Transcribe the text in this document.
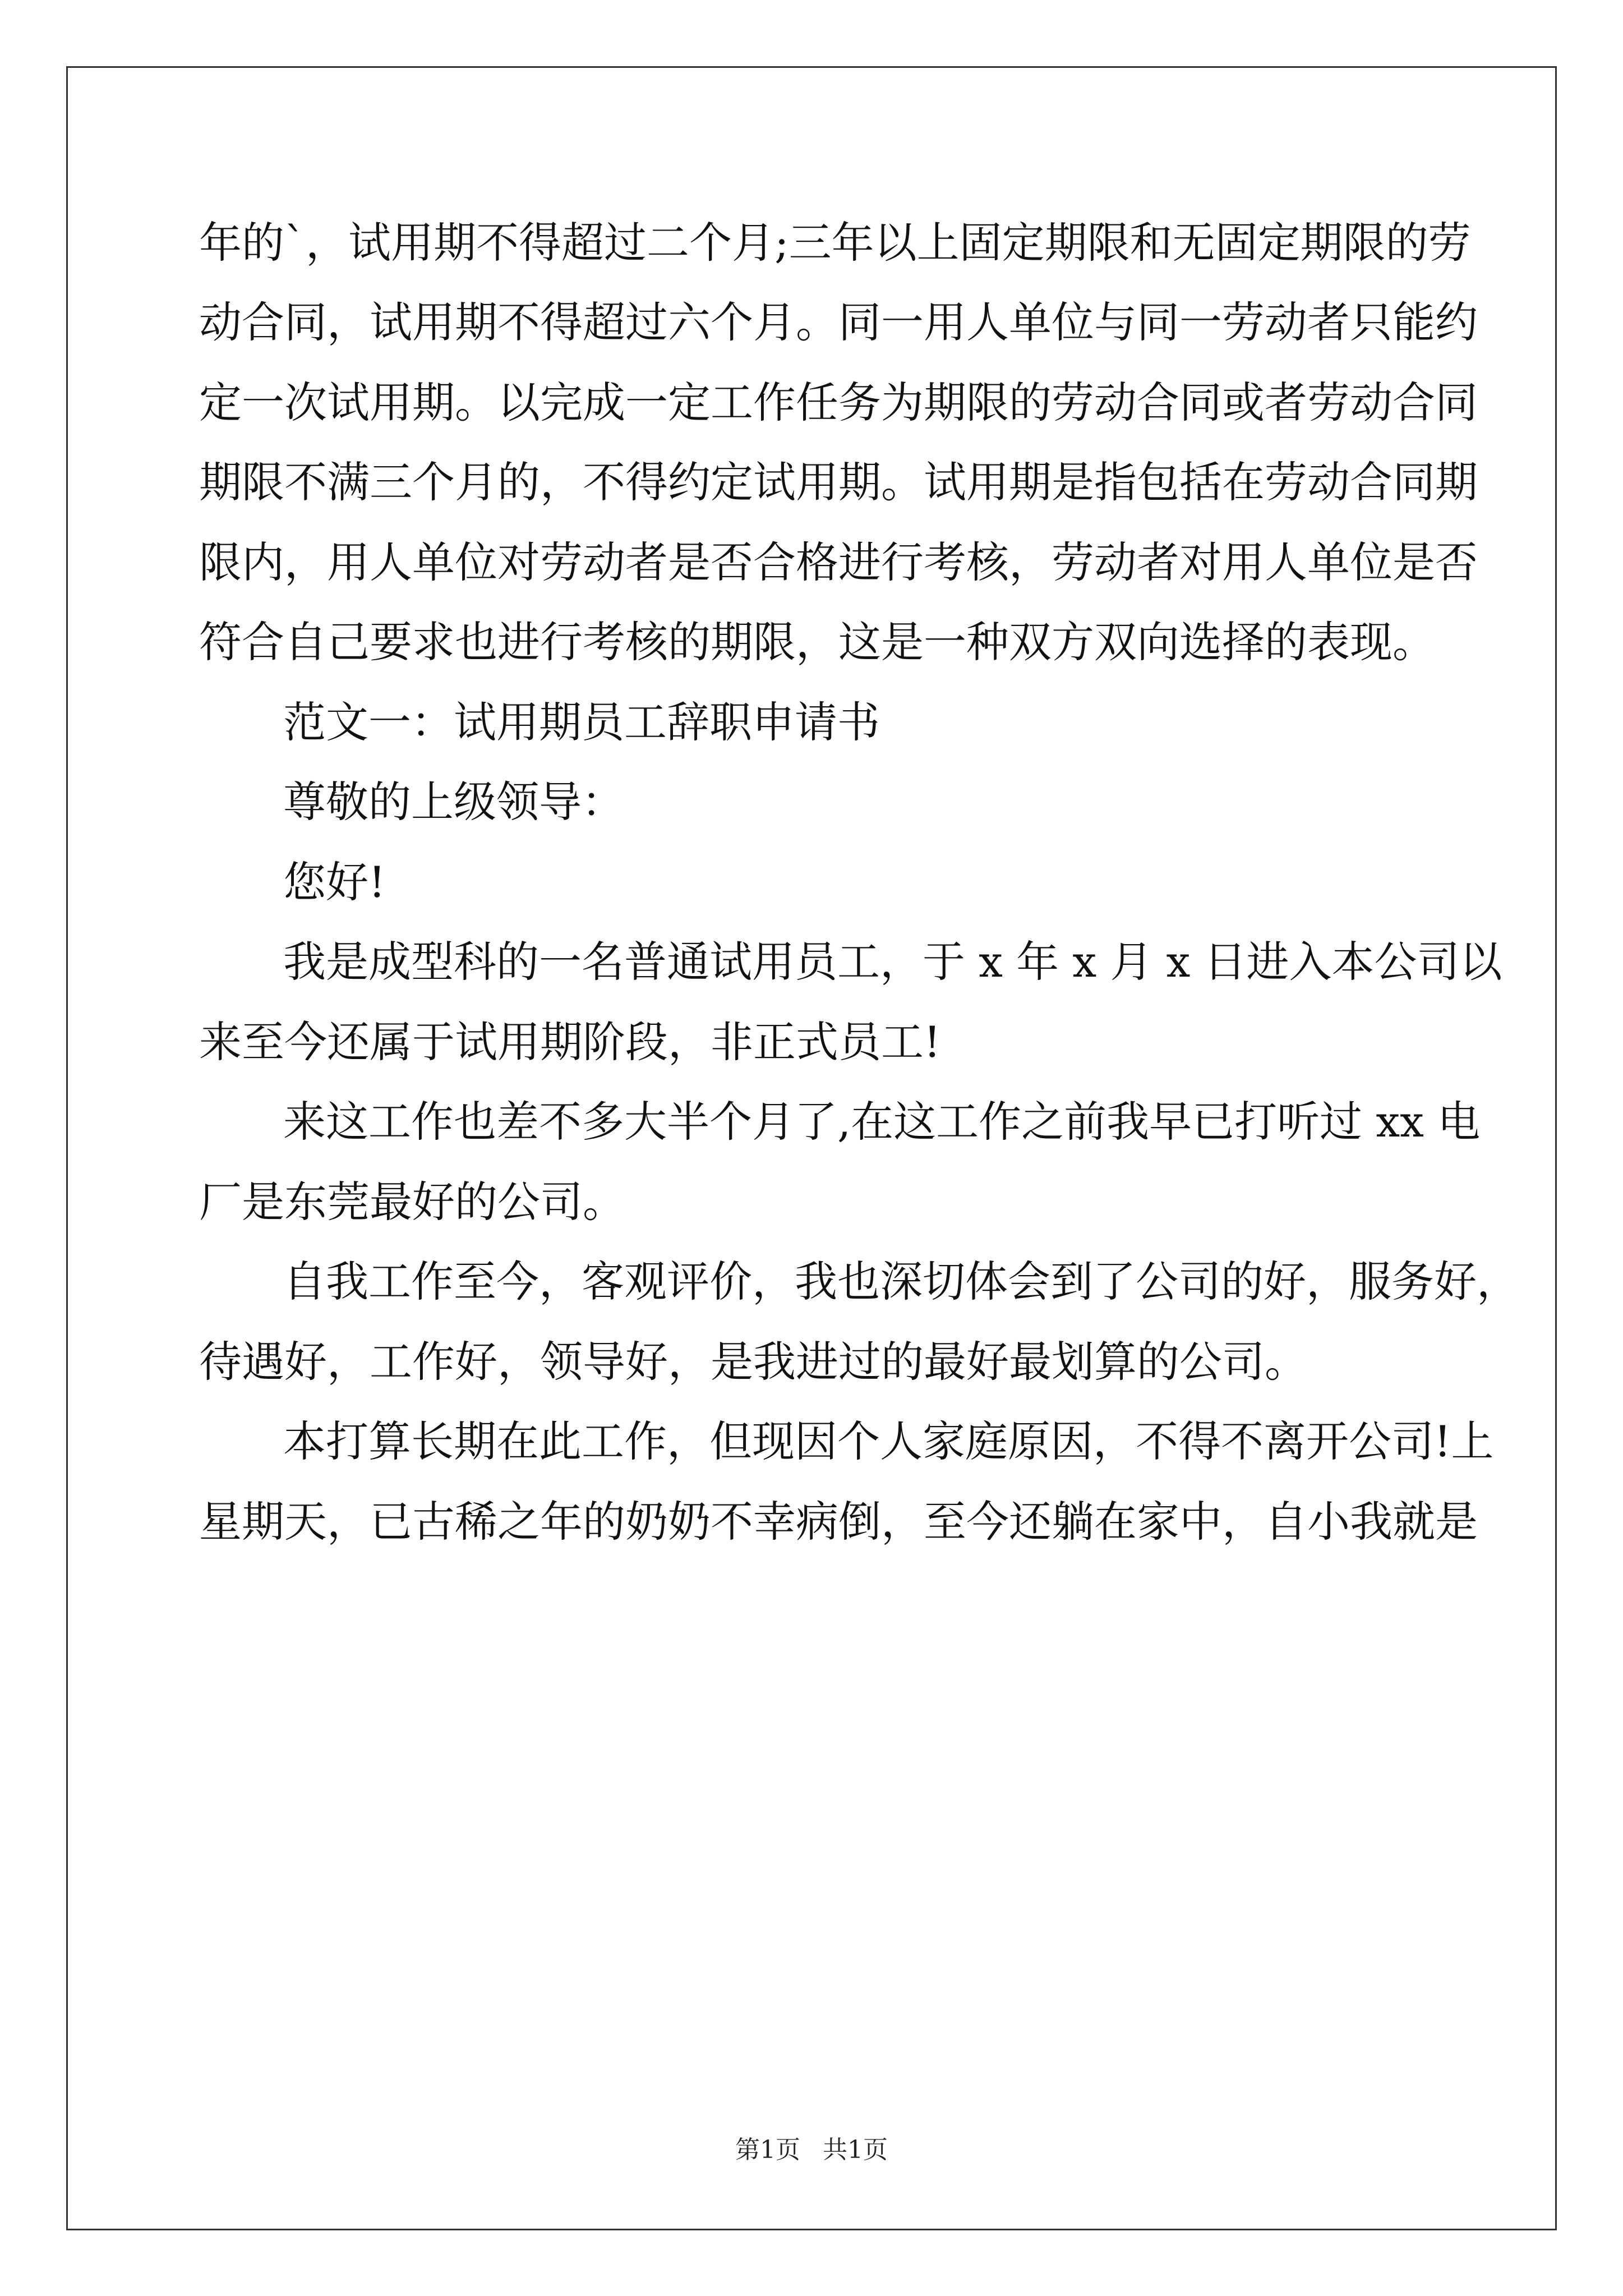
年的`，试用期不得超过二个月;三年以上固定期限和无固定期限的劳
动合同，试用期不得超过六个月。同一用人单位与同一劳动者只能约
定一次试用期。以完成一定工作任务为期限的劳动合同或者劳动合同
期限不满三个月的，不得约定试用期。试用期是指包括在劳动合同期
限内，用人单位对劳动者是否合格进行考核，劳动者对用人单位是否
符合自己要求也进行考核的期限，这是一种双方双向选择的表现。
范文一：试用期员工辞职申请书
尊敬的上级领导：
您好!
我是成型科的一名普通试用员工，于 x 年 x 月 x 日进入本公司以
来至今还属于试用期阶段，非正式员工!
来这工作也差不多大半个月了,在这工作之前我早已打听过 xx 电
厂是东莞最好的公司。
自我工作至今，客观评价，我也深切体会到了公司的好，服务好，
待遇好，工作好，领导好，是我进过的最好最划算的公司。
本打算长期在此工作，但现因个人家庭原因，不得不离开公司!上
星期天，已古稀之年的奶奶不幸病倒，至今还躺在家中，自小我就是
第1页 共1页
